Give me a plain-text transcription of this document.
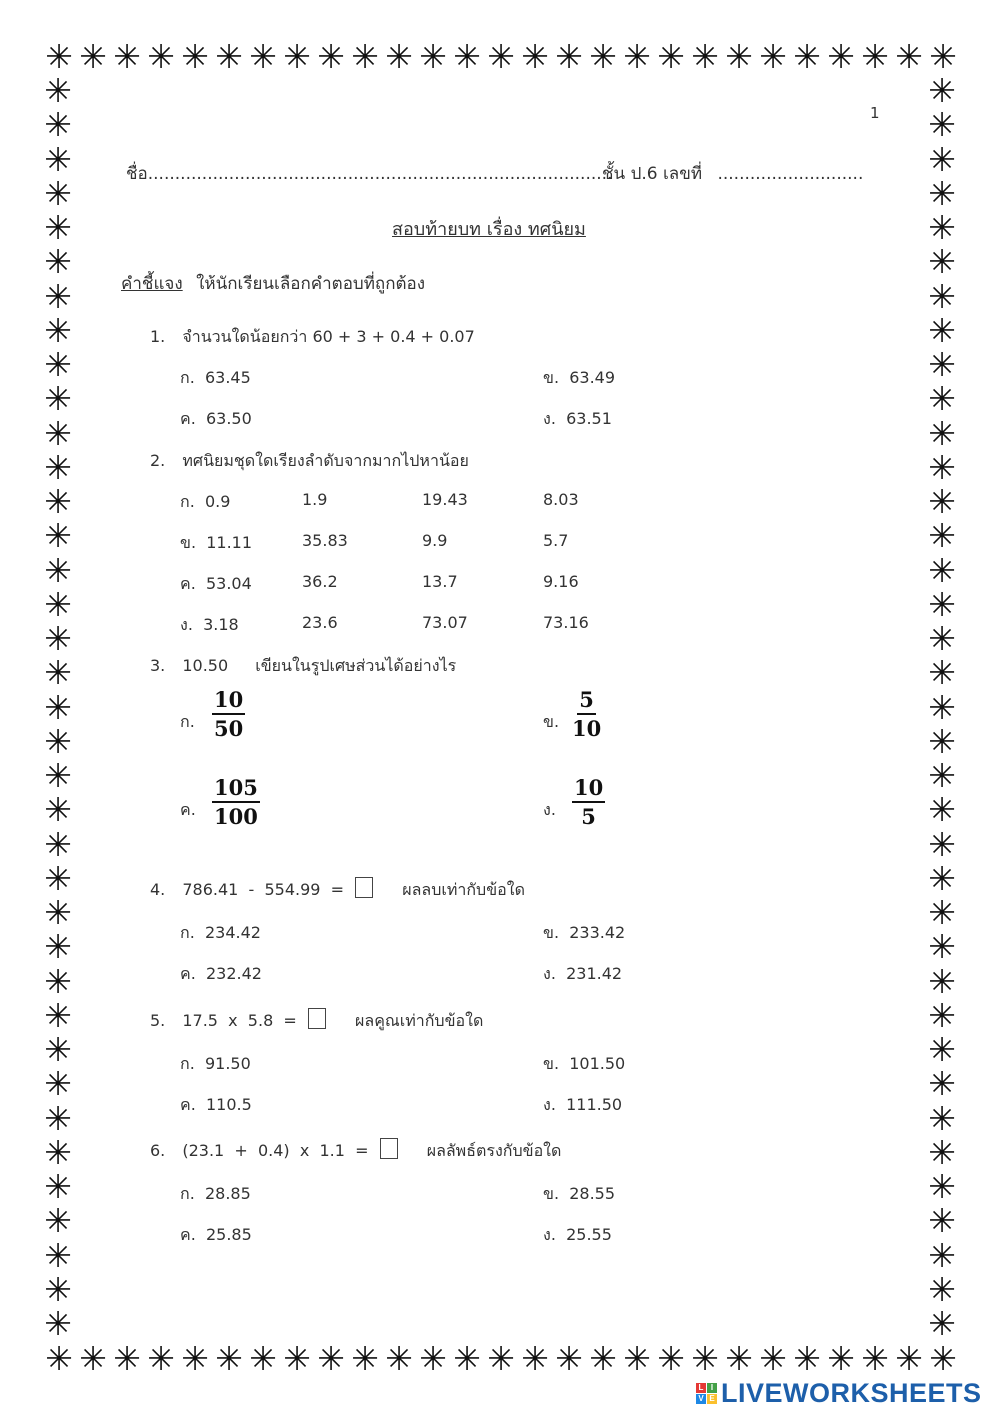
✳ ✳ ✳ ✳ ✳ ✳ ✳ ✳ ✳ ✳ ✳ ✳ ✳ ✳ ✳ ✳ ✳ ✳ ✳ ✳ ✳ ✳ ✳ ✳ ✳ ✳ ✳
✳ ✳ ✳ ✳ ✳ ✳ ✳ ✳ ✳ ✳ ✳ ✳ ✳ ✳ ✳ ✳ ✳ ✳ ✳ ✳ ✳ ✳ ✳ ✳ ✳ ✳ ✳
✳
✳
✳
✳
✳
✳
✳
✳
✳
✳
✳
✳
✳
✳
✳
✳
✳
✳
✳
✳
✳
✳
✳
✳
✳
✳
✳
✳
✳
✳
✳
✳
✳
✳
✳
✳
✳
✳
✳
✳
✳
✳
✳
✳
✳
✳
✳
✳
✳
✳
✳
✳
✳
✳
✳
✳
✳
✳
✳
✳
✳
✳
✳
✳
✳
✳
✳
✳
✳
✳
✳
✳
✳
✳
1
ชื่อ......................................................................................
ชั้น ป.6 เลขที่ ...........................
สอบท้ายบท เรื่อง ทศนิยม
คำชี้แจง ให้นักเรียนเลือกคำตอบที่ถูกต้อง
1. จำนวนใดน้อยกว่า 60 + 3 + 0.4 + 0.07
ก. 63.45	ข. 63.49
ค. 63.50	ง. 63.51
2. ทศนิยมชุดใดเรียงลำดับจากมากไปหาน้อย
ก. 0.9	1.9	19.43	8.03
ข. 11.11	35.83	9.9	5.7
ค. 53.04	36.2	13.7	9.16
ง. 3.18	23.6	73.07	73.16
3. 10.50 เขียนในรูปเศษส่วนได้อย่างไร
ก. $\frac{10}{50}$	ข. $\frac{5}{10}$
ค. $\frac{105}{100}$	ง. $\frac{10}{5}$
4. 786.41  -  554.99  =	ผลลบเท่ากับข้อใด
ก. 234.42	ข. 233.42
ค. 232.42	ง. 231.42
5. 17.5  x  5.8  =	ผลคูณเท่ากับข้อใด
ก. 91.50	ข. 101.50
ค. 110.5	ง. 111.50
6. (23.1  +  0.4)  x  1.1  =	ผลลัพธ์ตรงกับข้อใด
ก. 28.85	ข. 28.55
ค. 25.85	ง. 25.55
L I
V E LIVEWORKSHEETS
